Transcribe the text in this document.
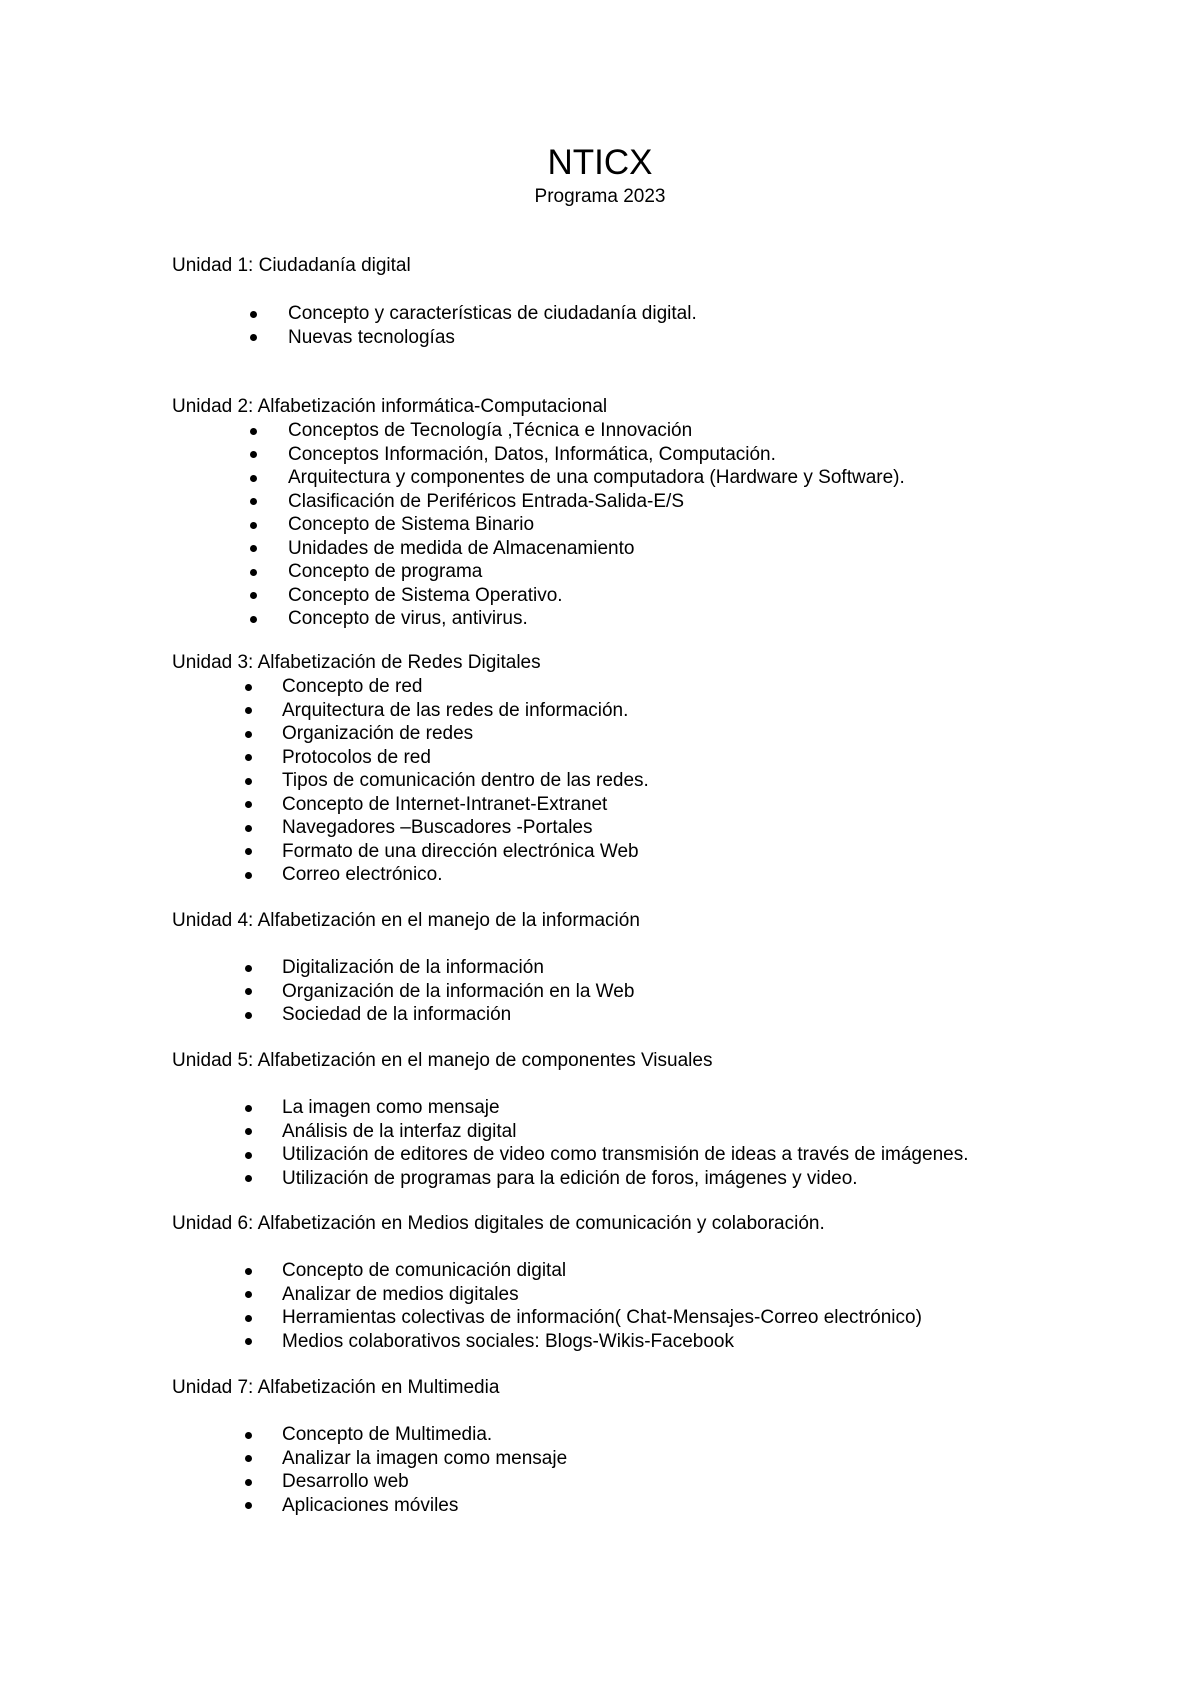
NTICX

Programa 2023

Unidad 1: Ciudadanía digital

Concepto y características de ciudadanía digital.
Nuevas tecnologías

Unidad 2: Alfabetización informática-Computacional

Conceptos de Tecnología ,Técnica e Innovación
Conceptos Información, Datos, Informática, Computación.
Arquitectura y componentes de una computadora (Hardware y Software).
Clasificación de Periféricos Entrada-Salida-E/S
Concepto de Sistema Binario
Unidades de medida de Almacenamiento
Concepto de programa
Concepto de Sistema Operativo.
Concepto de virus, antivirus.

Unidad 3: Alfabetización de Redes Digitales

Concepto de red
Arquitectura de las redes de información.
Organización de redes
Protocolos de red
Tipos de comunicación dentro de las redes.
Concepto de Internet-Intranet-Extranet
Navegadores –Buscadores -Portales
Formato de una dirección electrónica Web
Correo electrónico.

Unidad 4: Alfabetización en el manejo de la información

Digitalización de la información
Organización de la información en la Web
Sociedad de la información

Unidad 5: Alfabetización en el manejo de componentes Visuales

La imagen como mensaje
Análisis de la interfaz digital
Utilización de editores de video como transmisión de ideas a través de imágenes.
Utilización de programas para la edición de foros, imágenes y video.

Unidad 6: Alfabetización en Medios digitales de comunicación y colaboración.

Concepto de comunicación digital
Analizar de medios digitales
Herramientas colectivas de información( Chat-Mensajes-Correo electrónico)
Medios colaborativos sociales: Blogs-Wikis-Facebook

Unidad 7: Alfabetización en Multimedia

Concepto de Multimedia.
Analizar la imagen como mensaje
Desarrollo web
Aplicaciones móviles
